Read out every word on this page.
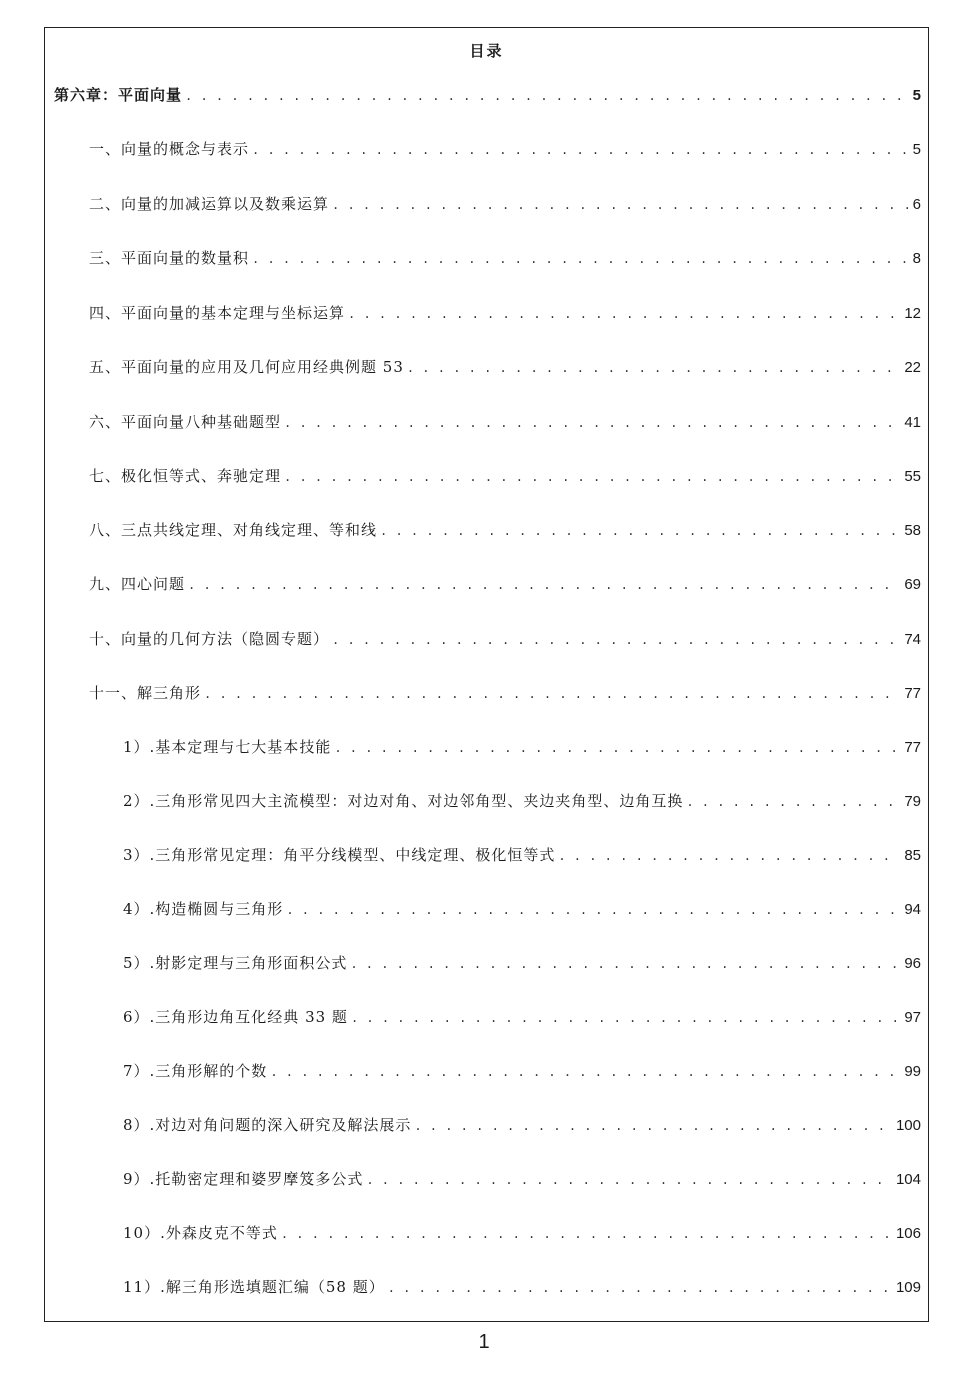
目录
第六章：平面向量 . . .	5
一、向量的概念与表示 . . .	5
二、向量的加减运算以及数乘运算 . . .	6
三、平面向量的数量积 . . .	8
四、平面向量的基本定理与坐标运算 . . .	12
五、平面向量的应用及几何应用经典例题 53 . . .	22
六、平面向量八种基础题型 . . .	41
七、极化恒等式、奔驰定理 . . .	55
八、三点共线定理、对角线定理、等和线 . . .	58
九、四心问题 . . .	69
十、向量的几何方法（隐圆专题） . . .	74
十一、解三角形 . . .	77
1）.基本定理与七大基本技能 . . .	77
2）.三角形常见四大主流模型：对边对角、对边邻角型、夹边夹角型、边角互换 . . .	79
3）.三角形常见定理：角平分线模型、中线定理、极化恒等式 . . .	85
4）.构造椭圆与三角形 . . .	94
5）.射影定理与三角形面积公式 . . .	96
6）.三角形边角互化经典 33 题 . . .	97
7）.三角形解的个数 . . .	99
8）.对边对角问题的深入研究及解法展示 . . .	100
9）.托勒密定理和婆罗摩笈多公式 . . .	104
10）.外森皮克不等式 . . .	106
11）.解三角形选填题汇编（58 题） . . .	109
1
